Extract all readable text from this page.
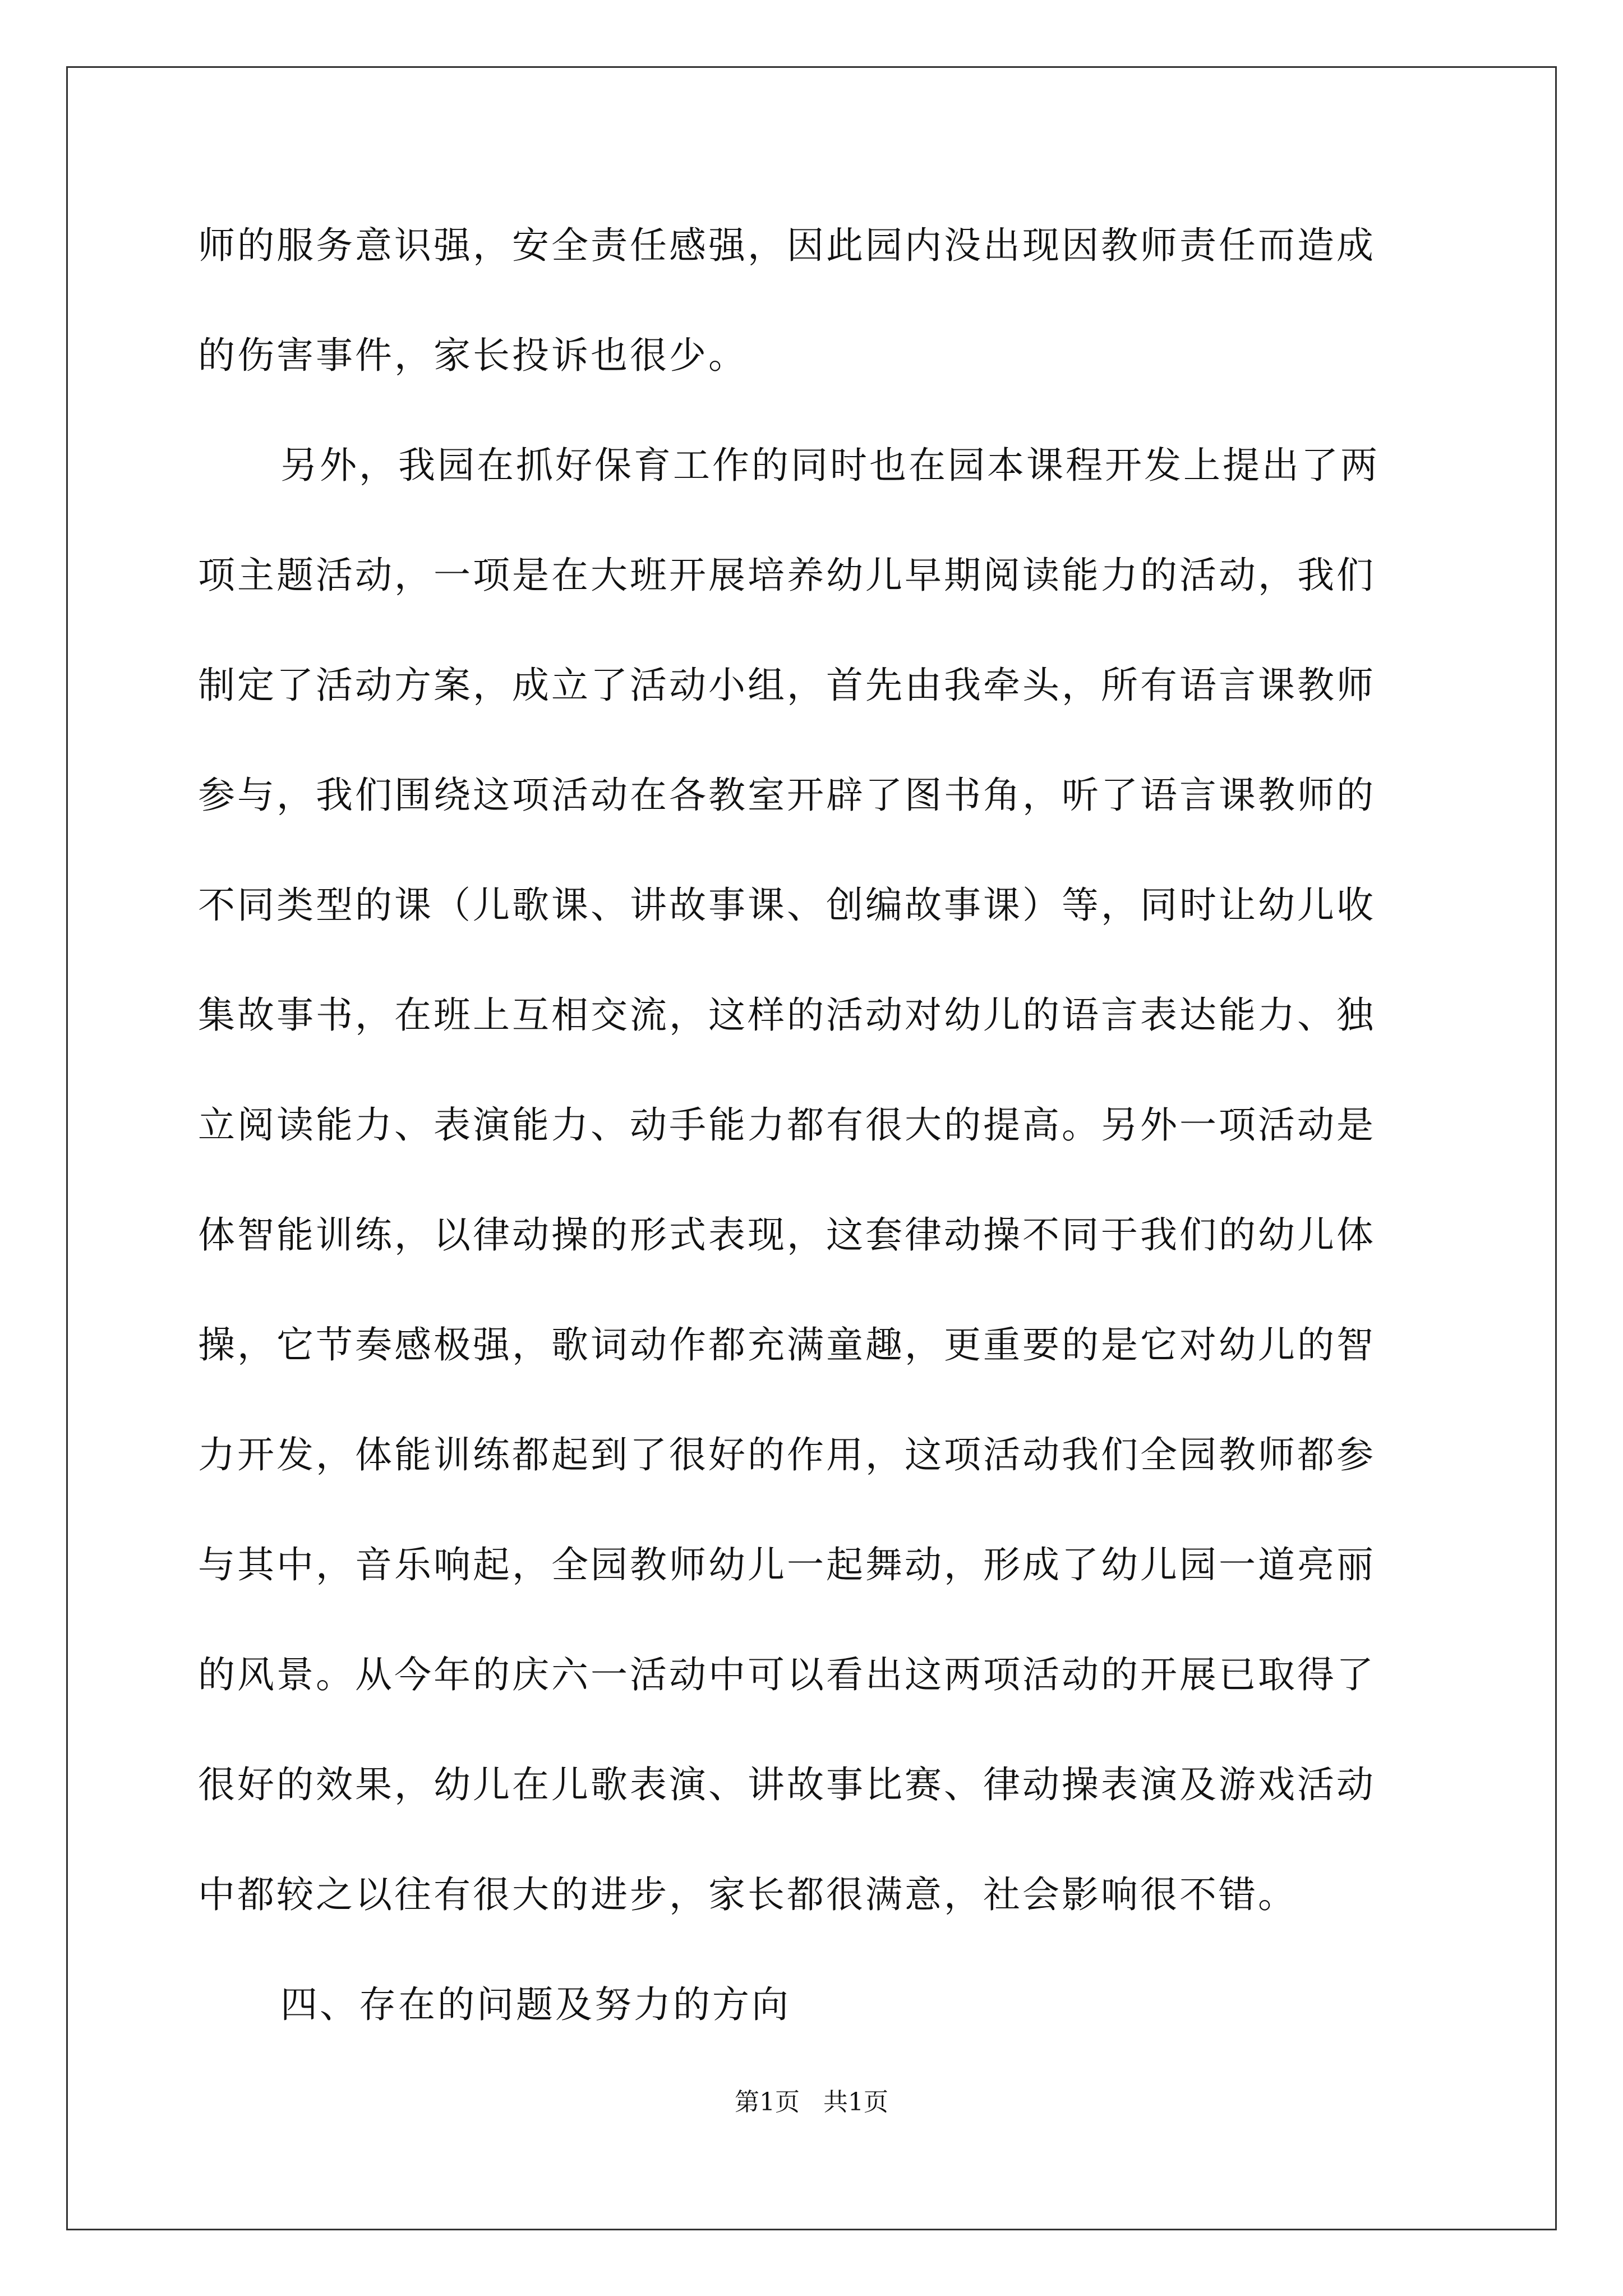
师的服务意识强，安全责任感强，因此园内没出现因教师责任而造成
的伤害事件，家长投诉也很少。
另外，我园在抓好保育工作的同时也在园本课程开发上提出了两
项主题活动，一项是在大班开展培养幼儿早期阅读能力的活动，我们
制定了活动方案，成立了活动小组，首先由我牵头，所有语言课教师
参与，我们围绕这项活动在各教室开辟了图书角，听了语言课教师的
不同类型的课（儿歌课、讲故事课、创编故事课）等，同时让幼儿收
集故事书，在班上互相交流，这样的活动对幼儿的语言表达能力、独
立阅读能力、表演能力、动手能力都有很大的提高。另外一项活动是
体智能训练，以律动操的形式表现，这套律动操不同于我们的幼儿体
操，它节奏感极强，歌词动作都充满童趣，更重要的是它对幼儿的智
力开发，体能训练都起到了很好的作用，这项活动我们全园教师都参
与其中，音乐响起，全园教师幼儿一起舞动，形成了幼儿园一道亮丽
的风景。从今年的庆六一活动中可以看出这两项活动的开展已取得了
很好的效果，幼儿在儿歌表演、讲故事比赛、律动操表演及游戏活动
中都较之以往有很大的进步，家长都很满意，社会影响很不错。
四、存在的问题及努力的方向
第1页 共1页
